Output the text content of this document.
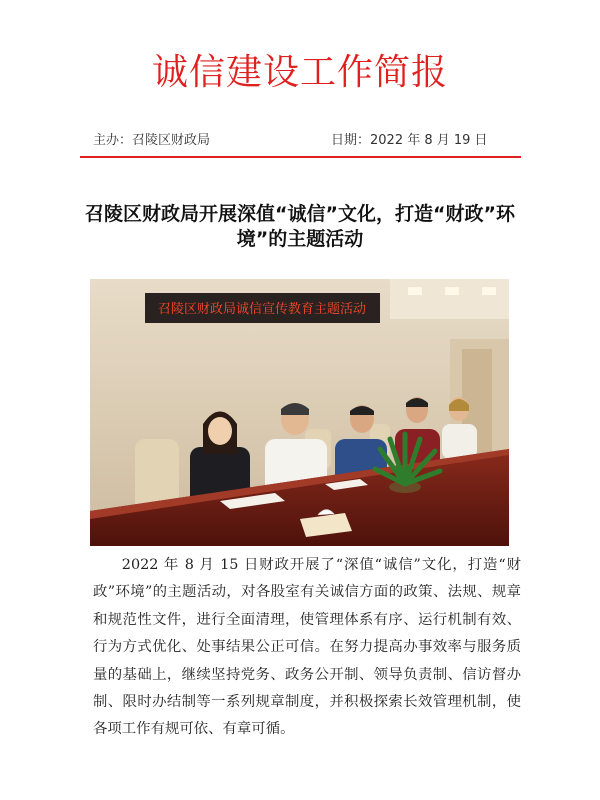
诚信建设工作简报
主办：召陵区财政局	日期：2022 年 8 月 19 日
召陵区财政局开展深值“诚信”文化，打造“财政”环境”的主题活动
召陵区财政局诚信宣传教育主题活动

2022 年 8 月 15 日财政开展了“深值“诚信”文化，打造“财政”环境”的主题活动，对各股室有关诚信方面的政策、法规、规章和规范性文件，进行全面清理，使管理体系有序、运行机制有效、行为方式优化、处事结果公正可信。在努力提高办事效率与服务质量的基础上，继续坚持党务、政务公开制、领导负责制、信访督办制、限时办结制等一系列规章制度，并积极探索长效管理机制，使各项工作有规可依、有章可循。
